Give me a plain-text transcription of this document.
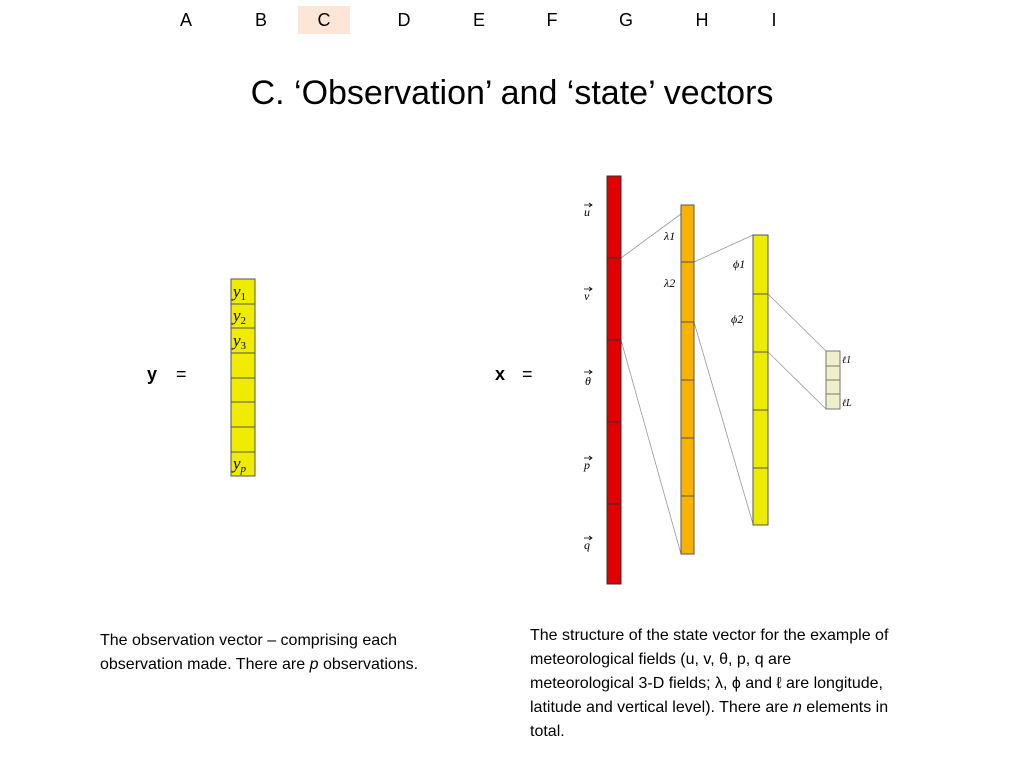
A	B	C	D	E	F	G	H	I
C. ‘Observation’ and ‘state’ vectors
y =	x =
y1
y2
y3
yp
u
v
θ
p
q
λ1
λ2
ϕ1
ϕ2
ℓ1
ℓL
The observation vector – comprising each observation made. There are p observations.
The structure of the state vector for the example of meteorological fields (u, v, θ, p, q are meteorological 3-D fields; λ, ϕ and ℓ are longitude, latitude and vertical level). There are n elements in total.
